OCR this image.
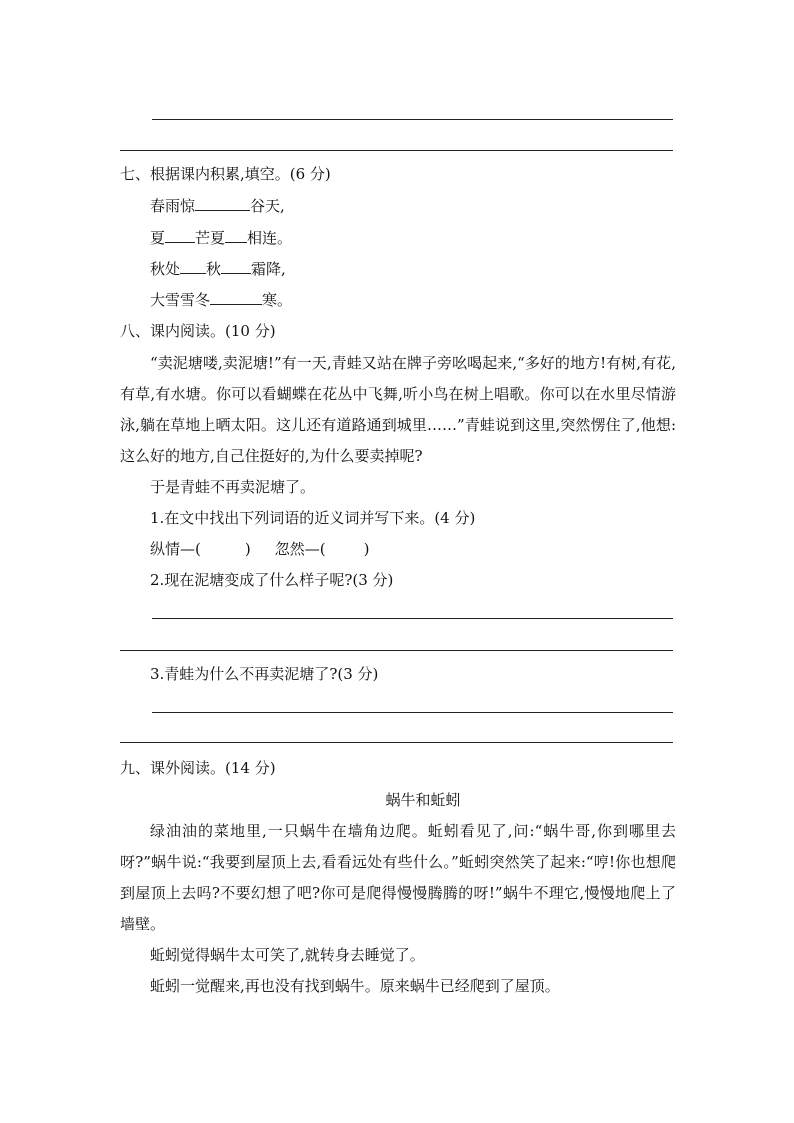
七、根据课内积累,填空。(6 分)
春雨惊	谷天,
夏 芒夏 相连。
秋处 秋 霜降,
大雪雪冬	寒。
八、课内阅读。(10 分)
“卖泥塘喽,卖泥塘!”有一天,青蛙又站在牌子旁吆喝起来,“多好的地方!有树,有花,有草,有水塘。你可以看蝴蝶在花丛中飞舞,听小鸟在树上唱歌。你可以在水里尽情游泳,躺在草地上晒太阳。这儿还有道路通到城里……”青蛙说到这里,突然愣住了,他想:这么好的地方,自己住挺好的,为什么要卖掉呢?
于是青蛙不再卖泥塘了。
1.在文中找出下列词语的近义词并写下来。(4 分)
纵情—(	) 忽然—(	)
2.现在泥塘变成了什么样子呢?(3 分)
3.青蛙为什么不再卖泥塘了?(3 分)
九、课外阅读。(14 分)
蜗牛和蚯蚓
绿油油的菜地里,一只蜗牛在墙角边爬。蚯蚓看见了,问:“蜗牛哥,你到哪里去呀?”蜗牛说:“我要到屋顶上去,看看远处有些什么。”蚯蚓突然笑了起来:“哼!你也想爬到屋顶上去吗?不要幻想了吧?你可是爬得慢慢腾腾的呀!”蜗牛不理它,慢慢地爬上了墙壁。
蚯蚓觉得蜗牛太可笑了,就转身去睡觉了。
蚯蚓一觉醒来,再也没有找到蜗牛。原来蜗牛已经爬到了屋顶。
